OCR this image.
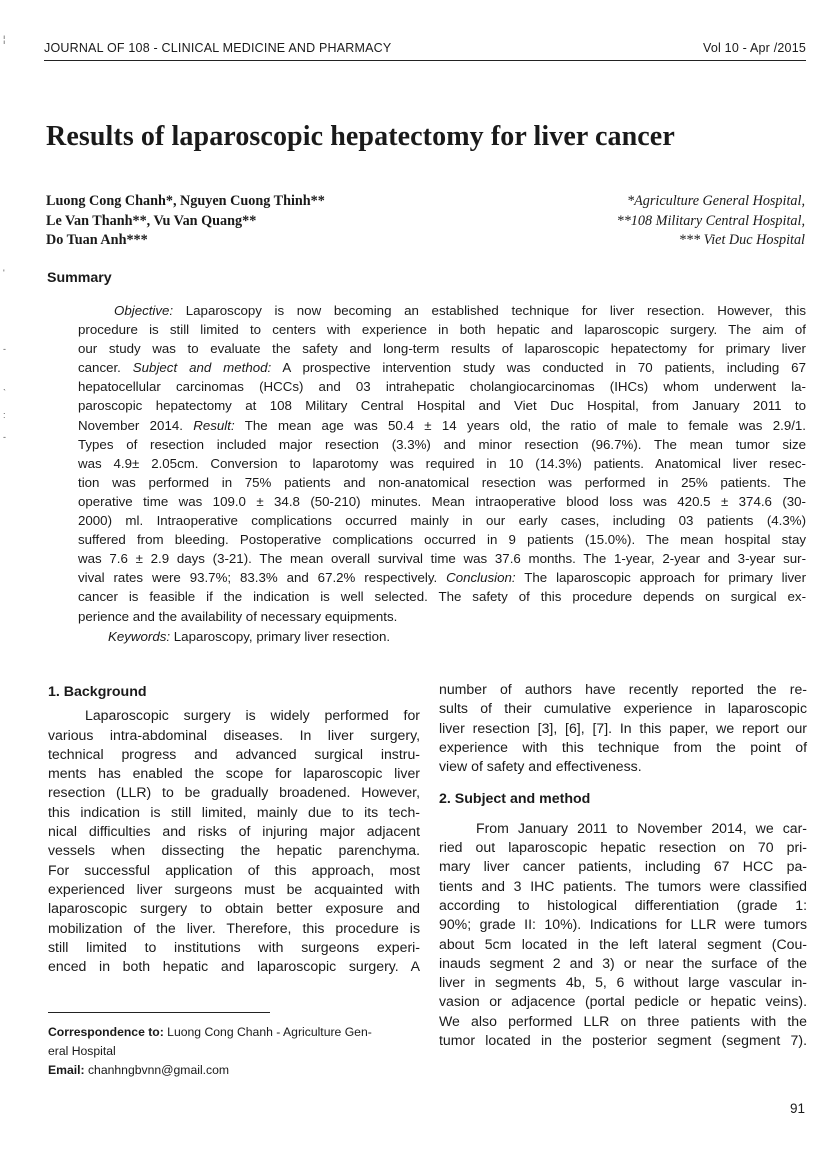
JOURNAL OF 108 - CLINICAL MEDICINE AND PHARMACY	Vol 10 - Apr /2015
¦
'
-
`
:
-
Results of laparoscopic hepatectomy for liver cancer
Luong Cong Chanh*, Nguyen Cuong Thinh**
Le Van Thanh**, Vu Van Quang**
Do Tuan Anh***
*Agriculture General Hospital,
**108 Military Central Hospital,
*** Viet Duc Hospital
Summary
Objective: Laparoscopy is now becoming an established technique for liver resection. However, this
procedure is still limited to centers with experience in both hepatic and laparoscopic surgery. The aim of
our study was to evaluate the safety and long-term results of laparoscopic hepatectomy for primary liver
cancer. Subject and method: A prospective intervention study was conducted in 70 patients, including 67
hepatocellular carcinomas (HCCs) and 03 intrahepatic cholangiocarcinomas (IHCs) whom underwent la-
paroscopic hepatectomy at 108 Military Central Hospital and Viet Duc Hospital, from January 2011 to
November 2014. Result: The mean age was 50.4 ± 14 years old, the ratio of male to female was 2.9/1.
Types of resection included major resection (3.3%) and minor resection (96.7%). The mean tumor size
was 4.9± 2.05cm. Conversion to laparotomy was required in 10 (14.3%) patients. Anatomical liver resec-
tion was performed in 75% patients and non-anatomical resection was performed in 25% patients. The
operative time was 109.0 ± 34.8 (50-210) minutes. Mean intraoperative blood loss was 420.5 ± 374.6 (30-
2000) ml. Intraoperative complications occurred mainly in our early cases, including 03 patients (4.3%)
suffered from bleeding. Postoperative complications occurred in 9 patients (15.0%). The mean hospital stay
was 7.6 ± 2.9 days (3-21). The mean overall survival time was 37.6 months. The 1-year, 2-year and 3-year sur-
vival rates were 93.7%; 83.3% and 67.2% respectively. Conclusion: The laparoscopic approach for primary liver
cancer is feasible if the indication is well selected. The safety of this procedure depends on surgical ex-
perience and the availability of necessary equipments.
Keywords: Laparoscopy, primary liver resection.
1. Background
Laparoscopic surgery is widely performed for
various intra-abdominal diseases. In liver surgery,
technical progress and advanced surgical instru-
ments has enabled the scope for laparoscopic liver
resection (LLR) to be gradually broadened. However,
this indication is still limited, mainly due to its tech-
nical difficulties and risks of injuring major adjacent
vessels when dissecting the hepatic parenchyma.
For successful application of this approach, most
experienced liver surgeons must be acquainted with
laparoscopic surgery to obtain better exposure and
mobilization of the liver. Therefore, this procedure is
still limited to institutions with surgeons experi-
enced in both hepatic and laparoscopic surgery. A
number of authors have recently reported the re-
sults of their cumulative experience in laparoscopic
liver resection [3], [6], [7]. In this paper, we report our
experience with this technique from the point of
view of safety and effectiveness.
2. Subject and method
From January 2011 to November 2014, we car-
ried out laparoscopic hepatic resection on 70 pri-
mary liver cancer patients, including 67 HCC pa-
tients and 3 IHC patients. The tumors were classified
according to histological differentiation (grade 1:
90%; grade II: 10%). Indications for LLR were tumors
about 5cm located in the left lateral segment (Cou-
inauds segment 2 and 3) or near the surface of the
liver in segments 4b, 5, 6 without large vascular in-
vasion or adjacence (portal pedicle or hepatic veins).
We also performed LLR on three patients with the
tumor located in the posterior segment (segment 7).
Correspondence to: Luong Cong Chanh - Agriculture Gen-
eral Hospital
Email: chanhngbvnn@gmail.com
91
